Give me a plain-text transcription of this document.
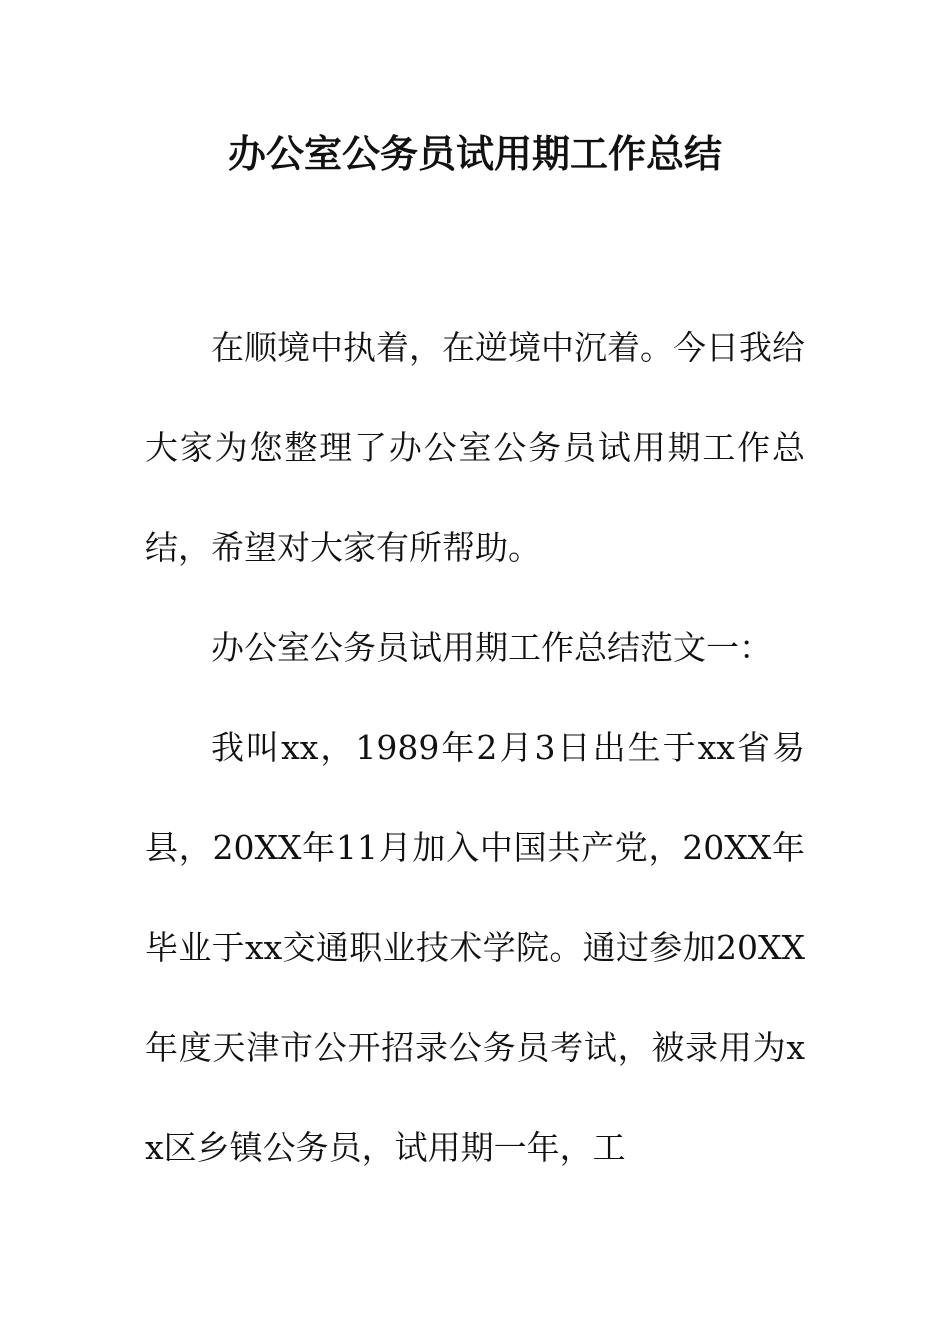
办公室公务员试用期工作总结

在顺境中执着，在逆境中沉着。今日我给大家为您整理了办公室公务员试用期工作总结，希望对大家有所帮助。

办公室公务员试用期工作总结范文一：

我叫xx，1989年2月3日出生于xx省易县，20XX年11月加入中国共产党，20XX年毕业于xx交通职业技术学院。通过参加20XX年度天津市公开招录公务员考试，被录用为xx区乡镇公务员，试用期一年，工
